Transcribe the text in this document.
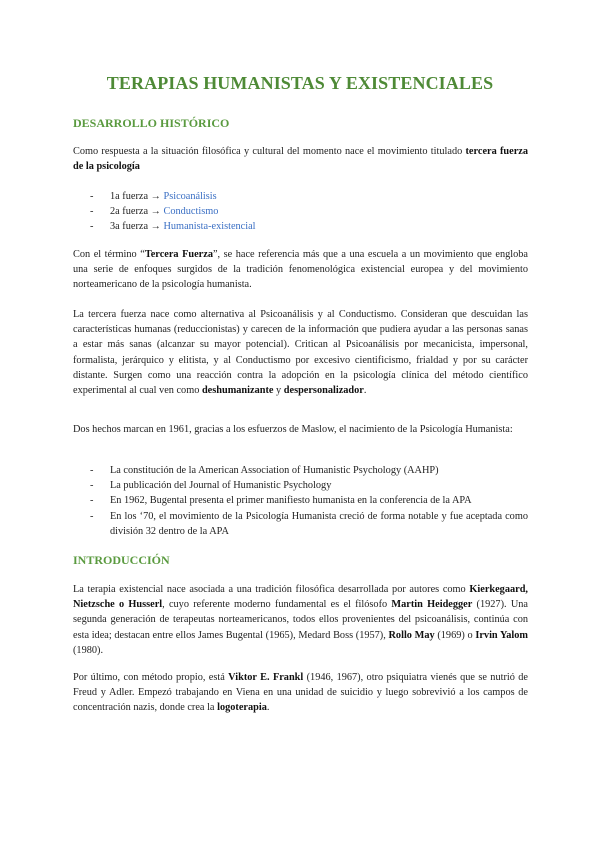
TERAPIAS HUMANISTAS Y EXISTENCIALES
DESARROLLO HISTÓRICO

Como respuesta a la situación filosófica y cultural del momento nace el movimiento titulado tercera fuerza de la psicología

- 1a fuerza → Psicoanálisis
- 2a fuerza → Conductismo
- 3a fuerza → Humanista-existencial

Con el término “Tercera Fuerza”, se hace referencia más que a una escuela a un movimiento que engloba una serie de enfoques surgidos de la tradición fenomenológica existencial europea y del movimiento norteamericano de la psicología humanista.

La tercera fuerza nace como alternativa al Psicoanálisis y al Conductismo. Consideran que descuidan las características humanas (reduccionistas) y carecen de la información que pudiera ayudar a las personas sanas a estar más sanas (alcanzar su mayor potencial). Critican al Psicoanálisis por mecanicista, impersonal, formalista, jerárquico y elitista, y al Conductismo por excesivo cientificismo, frialdad y por su carácter distante. Surgen como una reacción contra la adopción en la psicología clínica del método científico experimental al cual ven como deshumanizante y despersonalizador.

Dos hechos marcan en 1961, gracias a los esfuerzos de Maslow, el nacimiento de la Psicología Humanista:

- La constitución de la American Association of Humanistic Psychology (AAHP)
- La publicación del Journal of Humanistic Psychology
- En 1962, Bugental presenta el primer manifiesto humanista en la conferencia de la APA
- En los ‘70, el movimiento de la Psicología Humanista creció de forma notable y fue aceptada como división 32 dentro de la APA
INTRODUCCIÓN

La terapia existencial nace asociada a una tradición filosófica desarrollada por autores como Kierkegaard, Nietzsche o Husserl, cuyo referente moderno fundamental es el filósofo Martin Heidegger (1927). Una segunda generación de terapeutas norteamericanos, todos ellos provenientes del psicoanálisis, continúa con esta idea; destacan entre ellos James Bugental (1965), Medard Boss (1957), Rollo May (1969) o Irvin Yalom (1980).

Por último, con método propio, está Viktor E. Frankl (1946, 1967), otro psiquiatra vienés que se nutrió de Freud y Adler. Empezó trabajando en Viena en una unidad de suicidio y luego sobrevivió a los campos de concentración nazis, donde crea la logoterapia.
